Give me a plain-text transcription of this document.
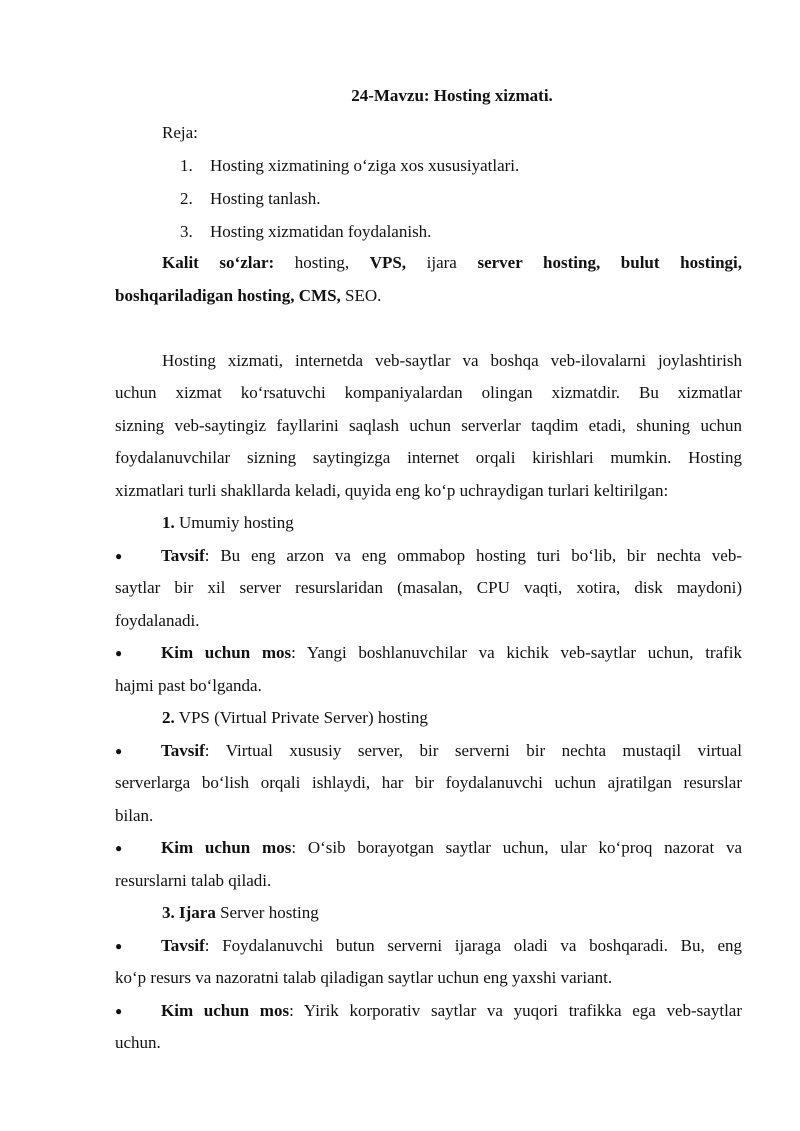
24-Mavzu: Hosting xizmati.
Reja:
1. Hosting xizmatining o‘ziga xos xususiyatlari.
2. Hosting tanlash.
3. Hosting xizmatidan foydalanish.
Kalit so‘zlar: hosting, VPS, ijara server hosting, bulut hostingi,
boshqariladigan hosting, CMS, SEO.
Hosting xizmati, internetda veb-saytlar va boshqa veb-ilovalarni joylashtirish
uchun xizmat ko‘rsatuvchi kompaniyalardan olingan xizmatdir. Bu xizmatlar
sizning veb-saytingiz fayllarini saqlash uchun serverlar taqdim etadi, shuning uchun
foydalanuvchilar sizning saytingizga internet orqali kirishlari mumkin. Hosting
xizmatlari turli shakllarda keladi, quyida eng ko‘p uchraydigan turlari keltirilgan:
1. Umumiy hosting
● Tavsif: Bu eng arzon va eng ommabop hosting turi bo‘lib, bir nechta veb-
saytlar bir xil server resurslaridan (masalan, CPU vaqti, xotira, disk maydoni)
foydalanadi.
● Kim uchun mos: Yangi boshlanuvchilar va kichik veb-saytlar uchun, trafik
hajmi past bo‘lganda.
2. VPS (Virtual Private Server) hosting
● Tavsif: Virtual xususiy server, bir serverni bir nechta mustaqil virtual
serverlarga bo‘lish orqali ishlaydi, har bir foydalanuvchi uchun ajratilgan resurslar
bilan.
● Kim uchun mos: O‘sib borayotgan saytlar uchun, ular ko‘proq nazorat va
resurslarni talab qiladi.
3. Ijara Server hosting
● Tavsif: Foydalanuvchi butun serverni ijaraga oladi va boshqaradi. Bu, eng
ko‘p resurs va nazoratni talab qiladigan saytlar uchun eng yaxshi variant.
● Kim uchun mos: Yirik korporativ saytlar va yuqori trafikka ega veb-saytlar
uchun.
